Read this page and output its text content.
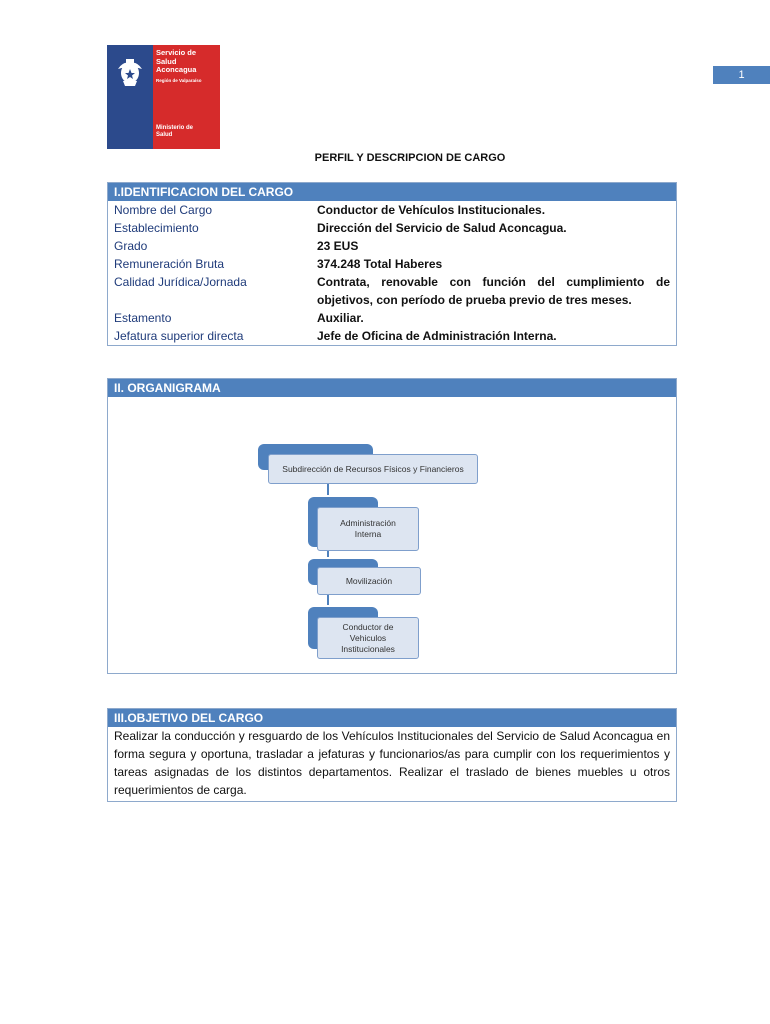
1
Servicio de
Salud
Aconcagua
Región de Valparaíso
Ministerio de
Salud
PERFIL Y DESCRIPCION DE CARGO
I.IDENTIFICACION DEL CARGO
Nombre del Cargo	Conductor de Vehículos Institucionales.
Establecimiento	Dirección del Servicio de Salud Aconcagua.
Grado	23 EUS
Remuneración Bruta	374.248 Total Haberes
Calidad Jurídica/Jornada	Contrata, renovable con función del cumplimiento de objetivos, con período de prueba previo de tres meses.
Estamento	Auxiliar.
Jefatura superior directa	Jefe de Oficina de Administración Interna.
II. ORGANIGRAMA
Subdirección de Recursos Físicos y Financieros
Administración Interna
Movilización
Conductor de Vehiculos Institucionales
III.OBJETIVO DEL CARGO
Realizar la conducción y resguardo de los Vehículos Institucionales del Servicio de Salud Aconcagua en forma segura y oportuna, trasladar a jefaturas y funcionarios/as para cumplir con los requerimientos y tareas asignadas de los distintos departamentos. Realizar el traslado de bienes muebles u otros requerimientos de carga.
